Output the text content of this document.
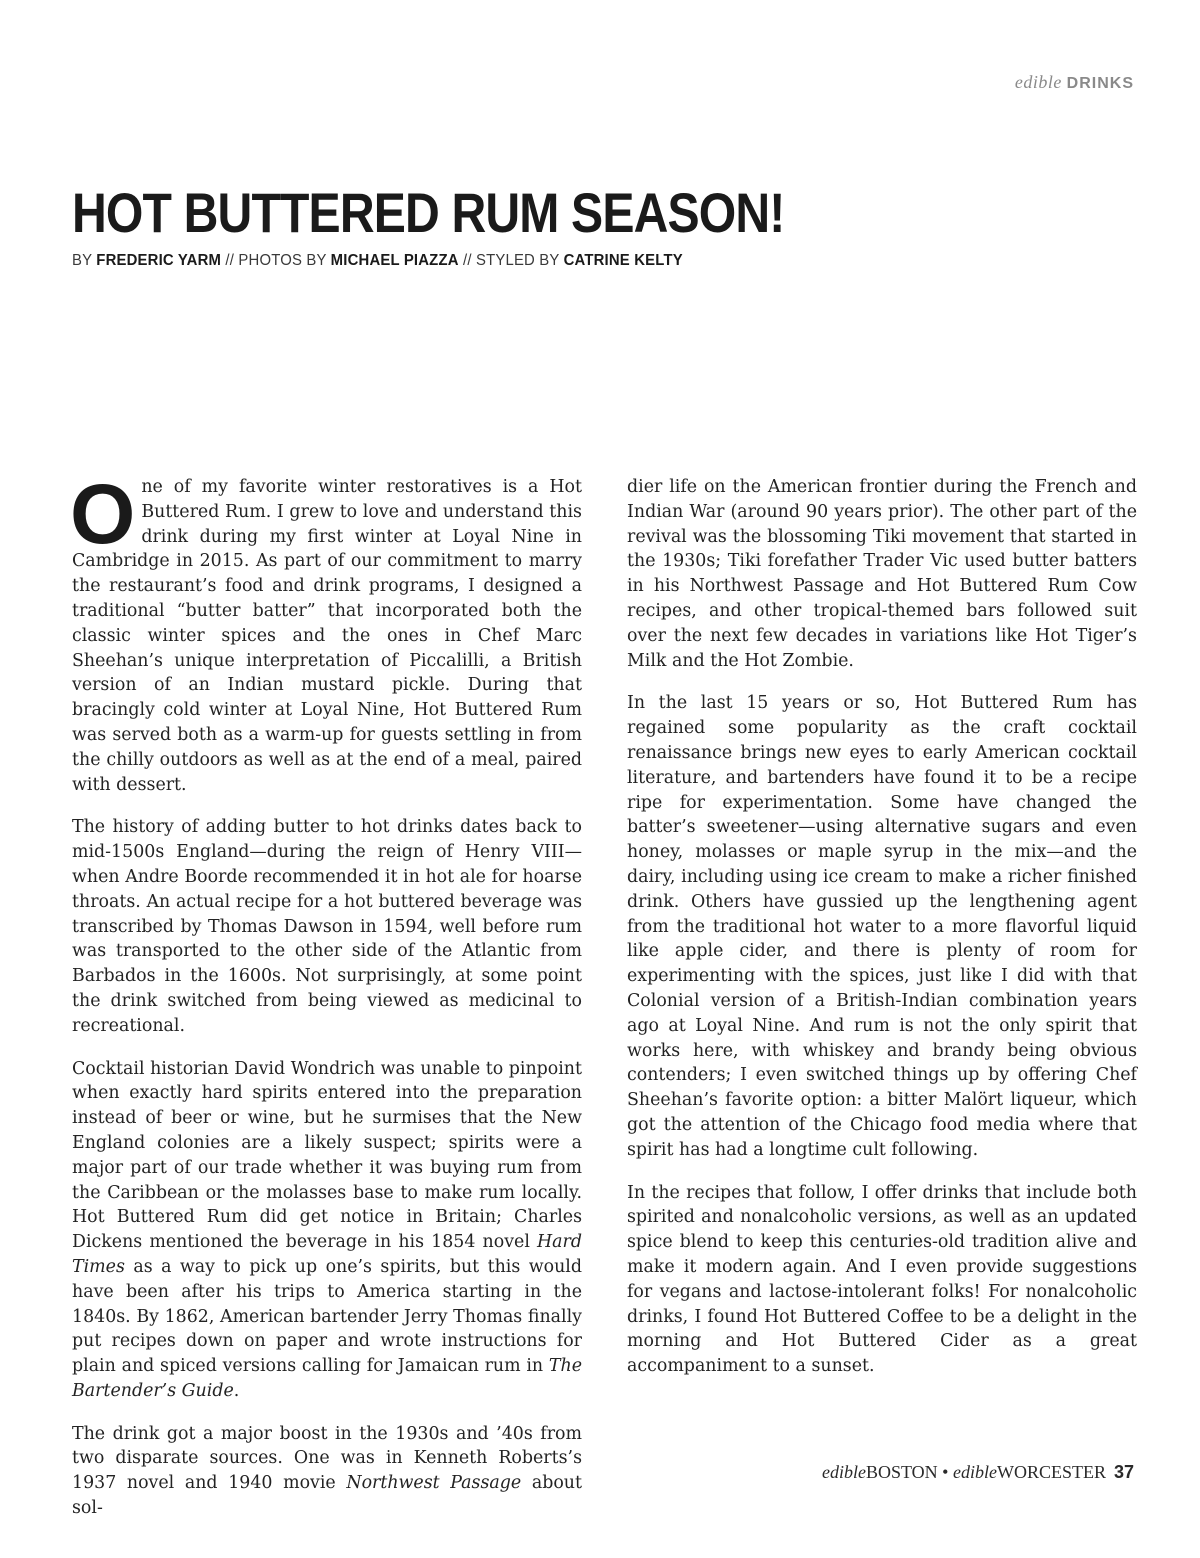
edible DRINKS
HOT BUTTERED RUM SEASON!
BY FREDERIC YARM // PHOTOS BY MICHAEL PIAZZA // STYLED BY CATRINE KELTY

One of my favorite winter restoratives is a Hot Buttered Rum. I grew to love and understand this drink during my first winter at Loyal Nine in Cambridge in 2015. As part of our commitment to marry the restaurant’s food and drink programs, I designed a traditional “butter batter” that incorporated both the classic winter spices and the ones in Chef Marc Sheehan’s unique interpretation of Piccalilli, a British version of an Indian mustard pickle. During that bracingly cold winter at Loyal Nine, Hot Buttered Rum was served both as a warm-up for guests settling in from the chilly outdoors as well as at the end of a meal, paired with dessert.

The history of adding butter to hot drinks dates back to mid-1500s England—during the reign of Henry VIII—when Andre Boorde recommended it in hot ale for hoarse throats. An actual recipe for a hot buttered beverage was transcribed by Thomas Dawson in 1594, well before rum was transported to the other side of the Atlantic from Barbados in the 1600s. Not surprisingly, at some point the drink switched from being viewed as medicinal to recreational.

Cocktail historian David Wondrich was unable to pinpoint when exactly hard spirits entered into the preparation instead of beer or wine, but he surmises that the New England colonies are a likely suspect; spirits were a major part of our trade whether it was buying rum from the Caribbean or the molasses base to make rum locally. Hot Buttered Rum did get notice in Britain; Charles Dickens mentioned the beverage in his 1854 novel Hard Times as a way to pick up one’s spirits, but this would have been after his trips to America starting in the 1840s. By 1862, American bartender Jerry Thomas finally put recipes down on paper and wrote instructions for plain and spiced versions calling for Jamaican rum in The Bartender’s Guide.

The drink got a major boost in the 1930s and ’40s from two disparate sources. One was in Kenneth Roberts’s 1937 novel and 1940 movie Northwest Passage about sol-

dier life on the American frontier during the French and Indian War (around 90 years prior). The other part of the revival was the blossoming Tiki movement that started in the 1930s; Tiki forefather Trader Vic used butter batters in his Northwest Passage and Hot Buttered Rum Cow recipes, and other tropical-themed bars followed suit over the next few decades in variations like Hot Tiger’s Milk and the Hot Zombie.

In the last 15 years or so, Hot Buttered Rum has regained some popularity as the craft cocktail renaissance brings new eyes to early American cocktail literature, and bartenders have found it to be a recipe ripe for experimentation. Some have changed the batter’s sweetener—using alternative sugars and even honey, molasses or maple syrup in the mix—and the dairy, including using ice cream to make a richer finished drink. Others have gussied up the lengthening agent from the traditional hot water to a more flavorful liquid like apple cider, and there is plenty of room for experimenting with the spices, just like I did with that Colonial version of a British-Indian combination years ago at Loyal Nine. And rum is not the only spirit that works here, with whiskey and brandy being obvious contenders; I even switched things up by offering Chef Sheehan’s favorite option: a bitter Malört liqueur, which got the attention of the Chicago food media where that spirit has had a longtime cult following.

In the recipes that follow, I offer drinks that include both spirited and nonalcoholic versions, as well as an updated spice blend to keep this centuries-old tradition alive and make it modern again. And I even provide suggestions for vegans and lactose-intolerant folks! For nonalcoholic drinks, I found Hot Buttered Coffee to be a delight in the morning and Hot Buttered Cider as a great accompaniment to a sunset.

edibleBOSTON • edibleWORCESTER 37
